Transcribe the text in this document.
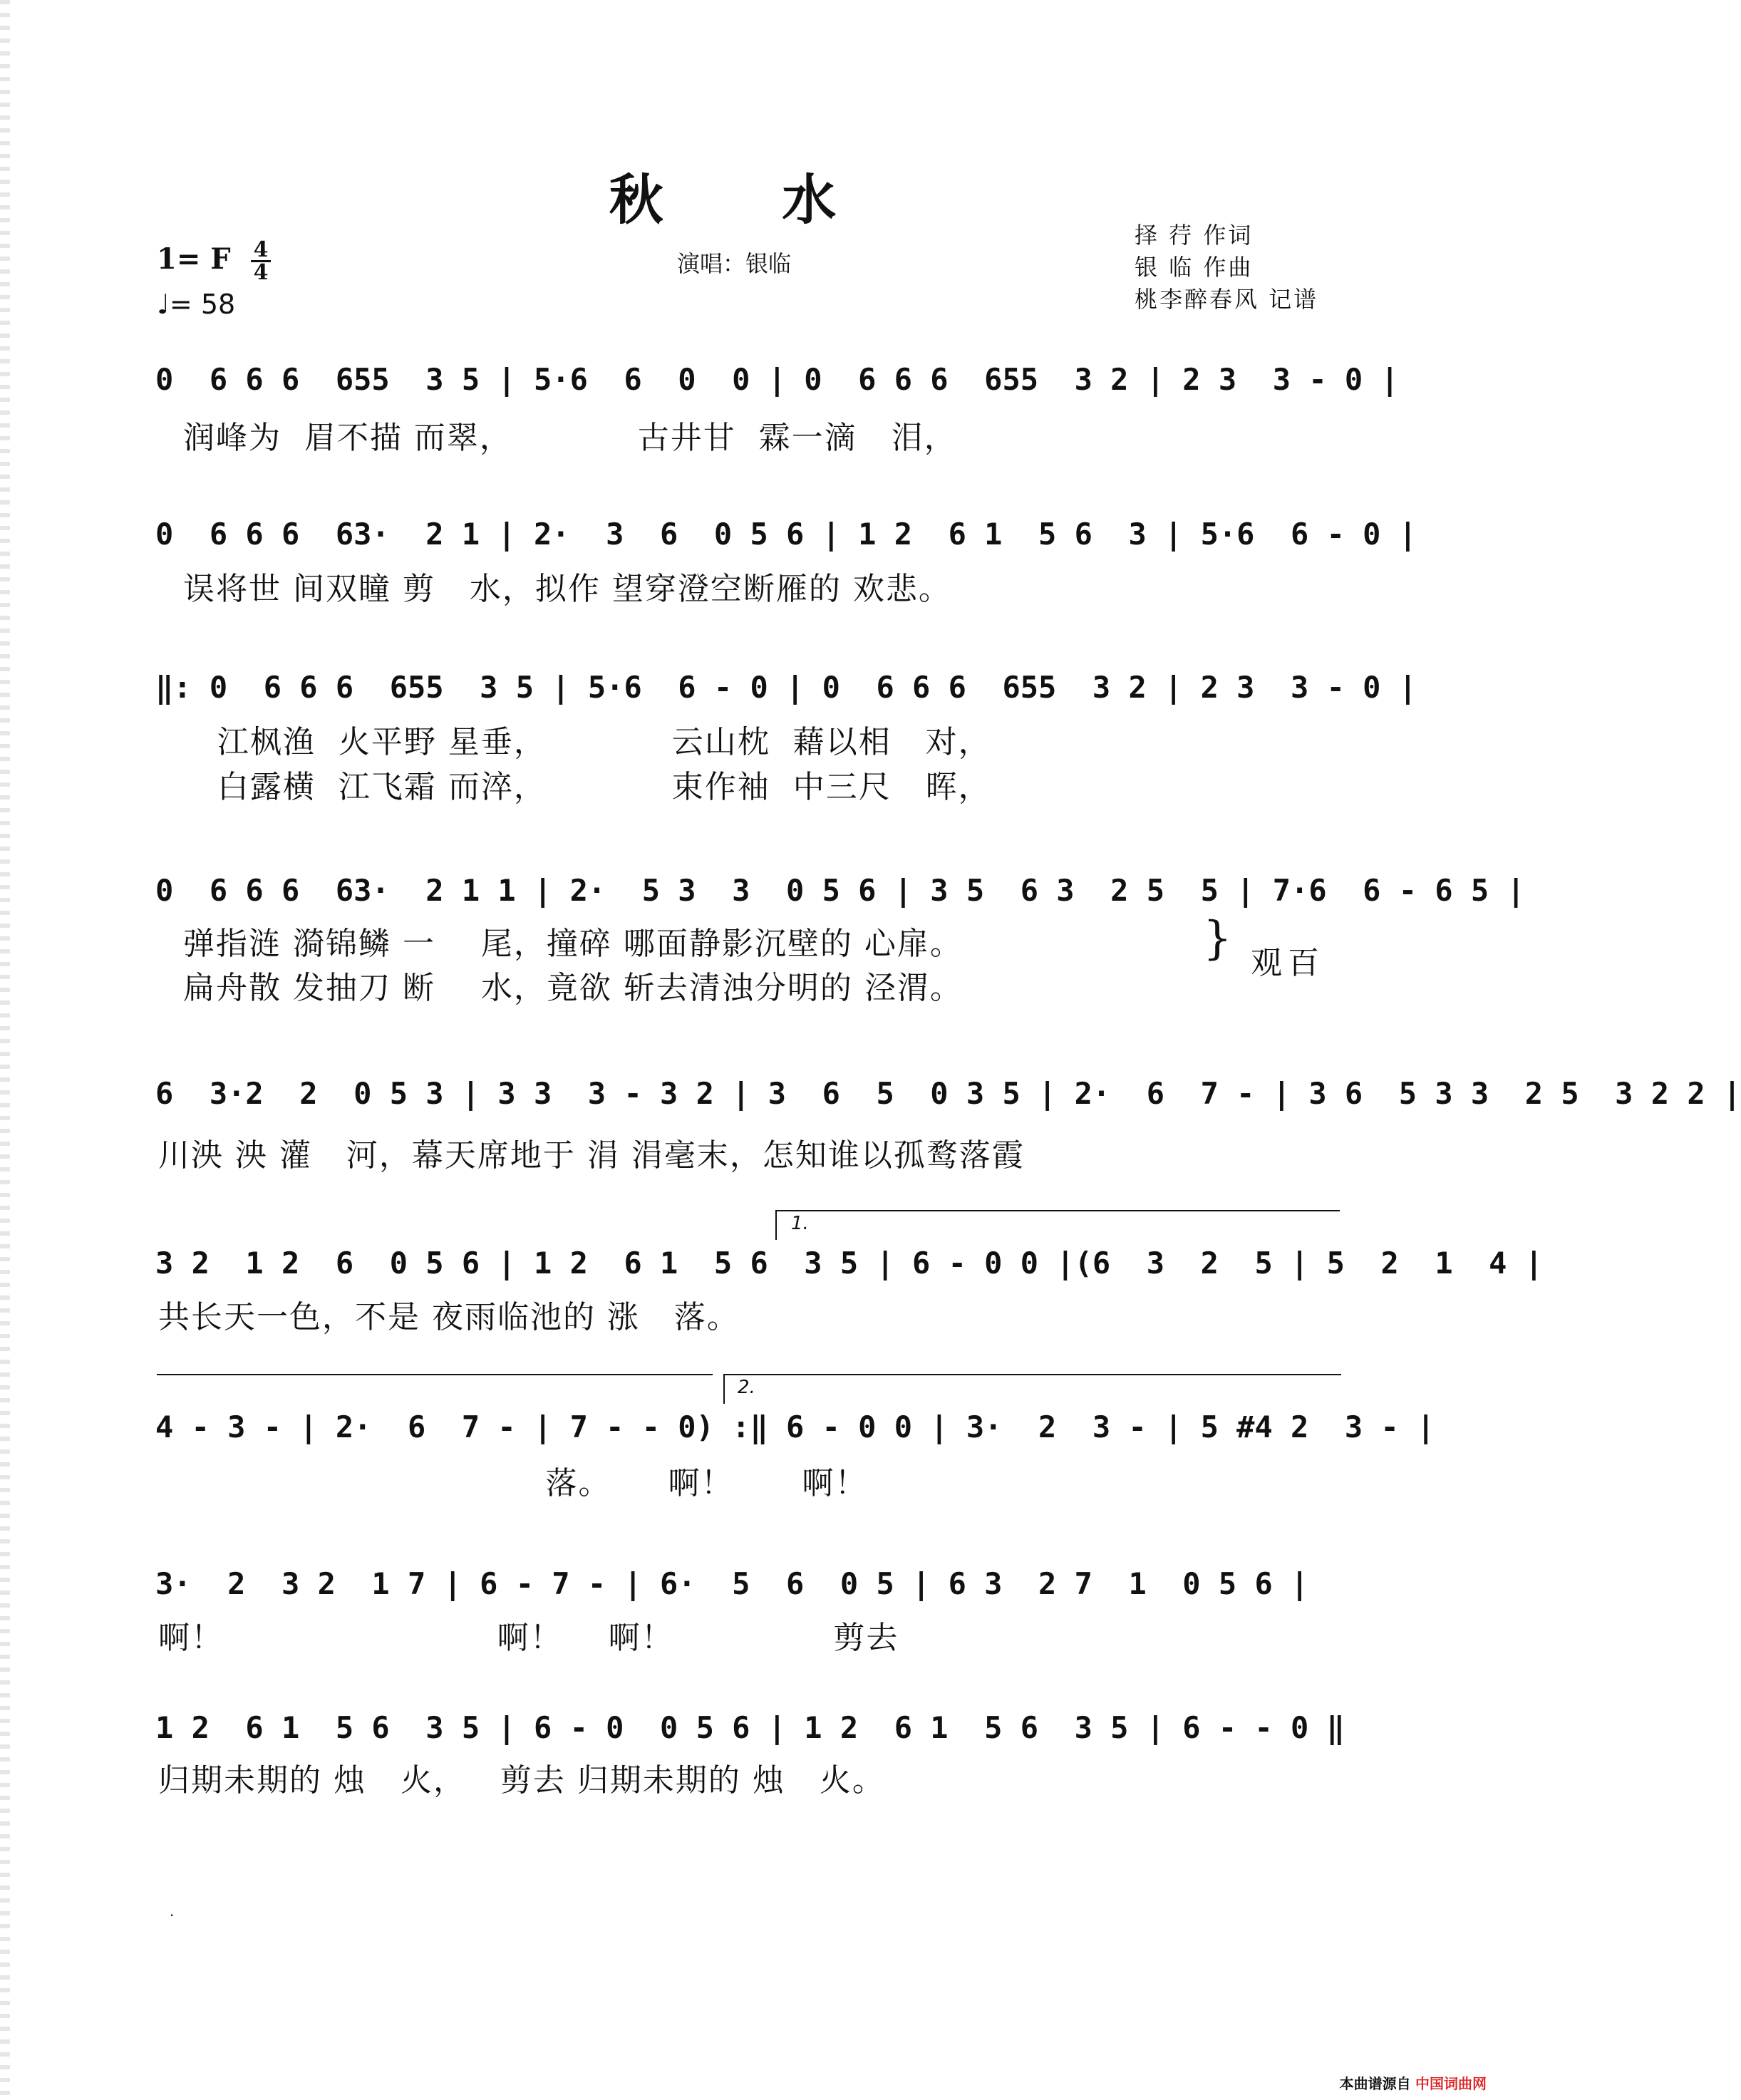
秋 水
1= F 4
4
♩= 58
演唱：银临
择 荇 作词
银 临 作曲
桃李醉春风 记谱
0  6 6 6  655  3 5 | 5·6  6  0  0 | 0  6 6 6  655  3 2 | 2 3  3 - 0 |
润峰为  眉不描 而翠，           古井甘  霖一滴   泪，
0  6 6 6  63·  2 1 | 2·  3  6  0 5 6 | 1 2  6 1  5 6  3 | 5·6  6 - 0 |
误将世 间双瞳 剪   水，拟作 望穿澄空断雁的 欢悲。
‖: 0  6 6 6  655  3 5 | 5·6  6 - 0 | 0  6 6 6  655  3 2 | 2 3  3 - 0 |
江枫渔  火平野 星垂，           云山枕  藉以相   对，
白露横  江飞霜 而淬，           束作袖  中三尺   晖，
0  6 6 6  63·  2 1 1 | 2·  5 3  3  0 5 6 | 3 5  6 3  2 5  5 | 7·6  6 - 6 5 |
弹指涟 漪锦鳞 一    尾，撞碎 哪面静影沉壁的 心扉。
扁舟散 发抽刀 断    水，竟欲 斩去清浊分明的 泾渭。
} 观百
6  3·2  2  0 5 3 | 3 3  3 - 3 2 | 3  6  5  0 3 5 | 2·  6  7 - | 3 6  5 3 3  2 5  3 2 2 |
川泱 泱 灌   河，幕天席地于 涓 涓毫末，怎知谁以孤鹜落霞
1.
3 2  1 2  6  0 5 6 | 1 2  6 1  5 6  3 5 | 6 - 0 0 |(6  3  2  5 | 5  2  1  4 |
共长天一色，不是 夜雨临池的 涨   落。
2.
4 - 3 - | 2·  6  7 - | 7 - - 0) :‖ 6 - 0 0 | 3·  2  3 - | 5 #4 2  3 - |
落。     啊！      啊！
3·  2  3 2  1 7 | 6 - 7 - | 6·  5  6  0 5 | 6 3  2 7  1  0 5 6 |
啊！                        啊！    啊！              剪去
1 2  6 1  5 6  3 5 | 6 - 0  0 5 6 | 1 2  6 1  5 6  3 5 | 6 - - 0 ‖
归期未期的 烛   火，   剪去 归期未期的 烛   火。
.
本曲谱源自 中国词曲网
